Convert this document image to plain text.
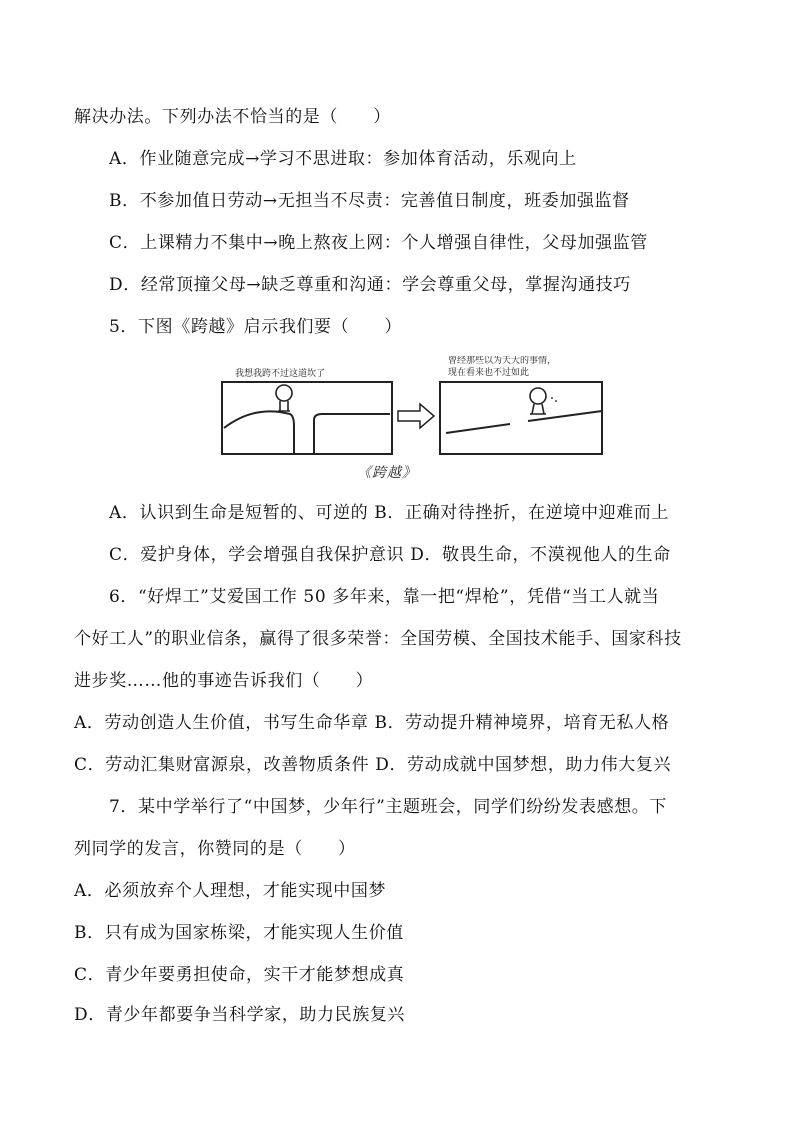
解决办法。下列办法不恰当的是（　　）
A．作业随意完成→学习不思进取：参加体育活动，乐观向上
B．不参加值日劳动→无担当不尽责：完善值日制度，班委加强监督
C．上课精力不集中→晚上熬夜上网：个人增强自律性，父母加强监管
D．经常顶撞父母→缺乏尊重和沟通：学会尊重父母，掌握沟通技巧
5．下图《跨越》启示我们要（　　）
我想我跨不过这道坎了
曾经那些以为天大的事情，
现在看来也不过如此
《跨越》
A．认识到生命是短暂的、可逆的 B．正确对待挫折，在逆境中迎难而上
C．爱护身体，学会增强自我保护意识 D．敬畏生命，不漠视他人的生命
6．“好焊工”艾爱国工作 50 多年来，靠一把“焊枪”，凭借“当工人就当
个好工人”的职业信条，赢得了很多荣誉：全国劳模、全国技术能手、国家科技
进步奖……他的事迹告诉我们（　　）
A．劳动创造人生价值，书写生命华章 B．劳动提升精神境界，培育无私人格
C．劳动汇集财富源泉，改善物质条件 D．劳动成就中国梦想，助力伟大复兴
7．某中学举行了“中国梦，少年行”主题班会，同学们纷纷发表感想。下
列同学的发言，你赞同的是（　　）
A．必须放弃个人理想，才能实现中国梦
B．只有成为国家栋梁，才能实现人生价值
C．青少年要勇担使命，实干才能梦想成真
D．青少年都要争当科学家，助力民族复兴
